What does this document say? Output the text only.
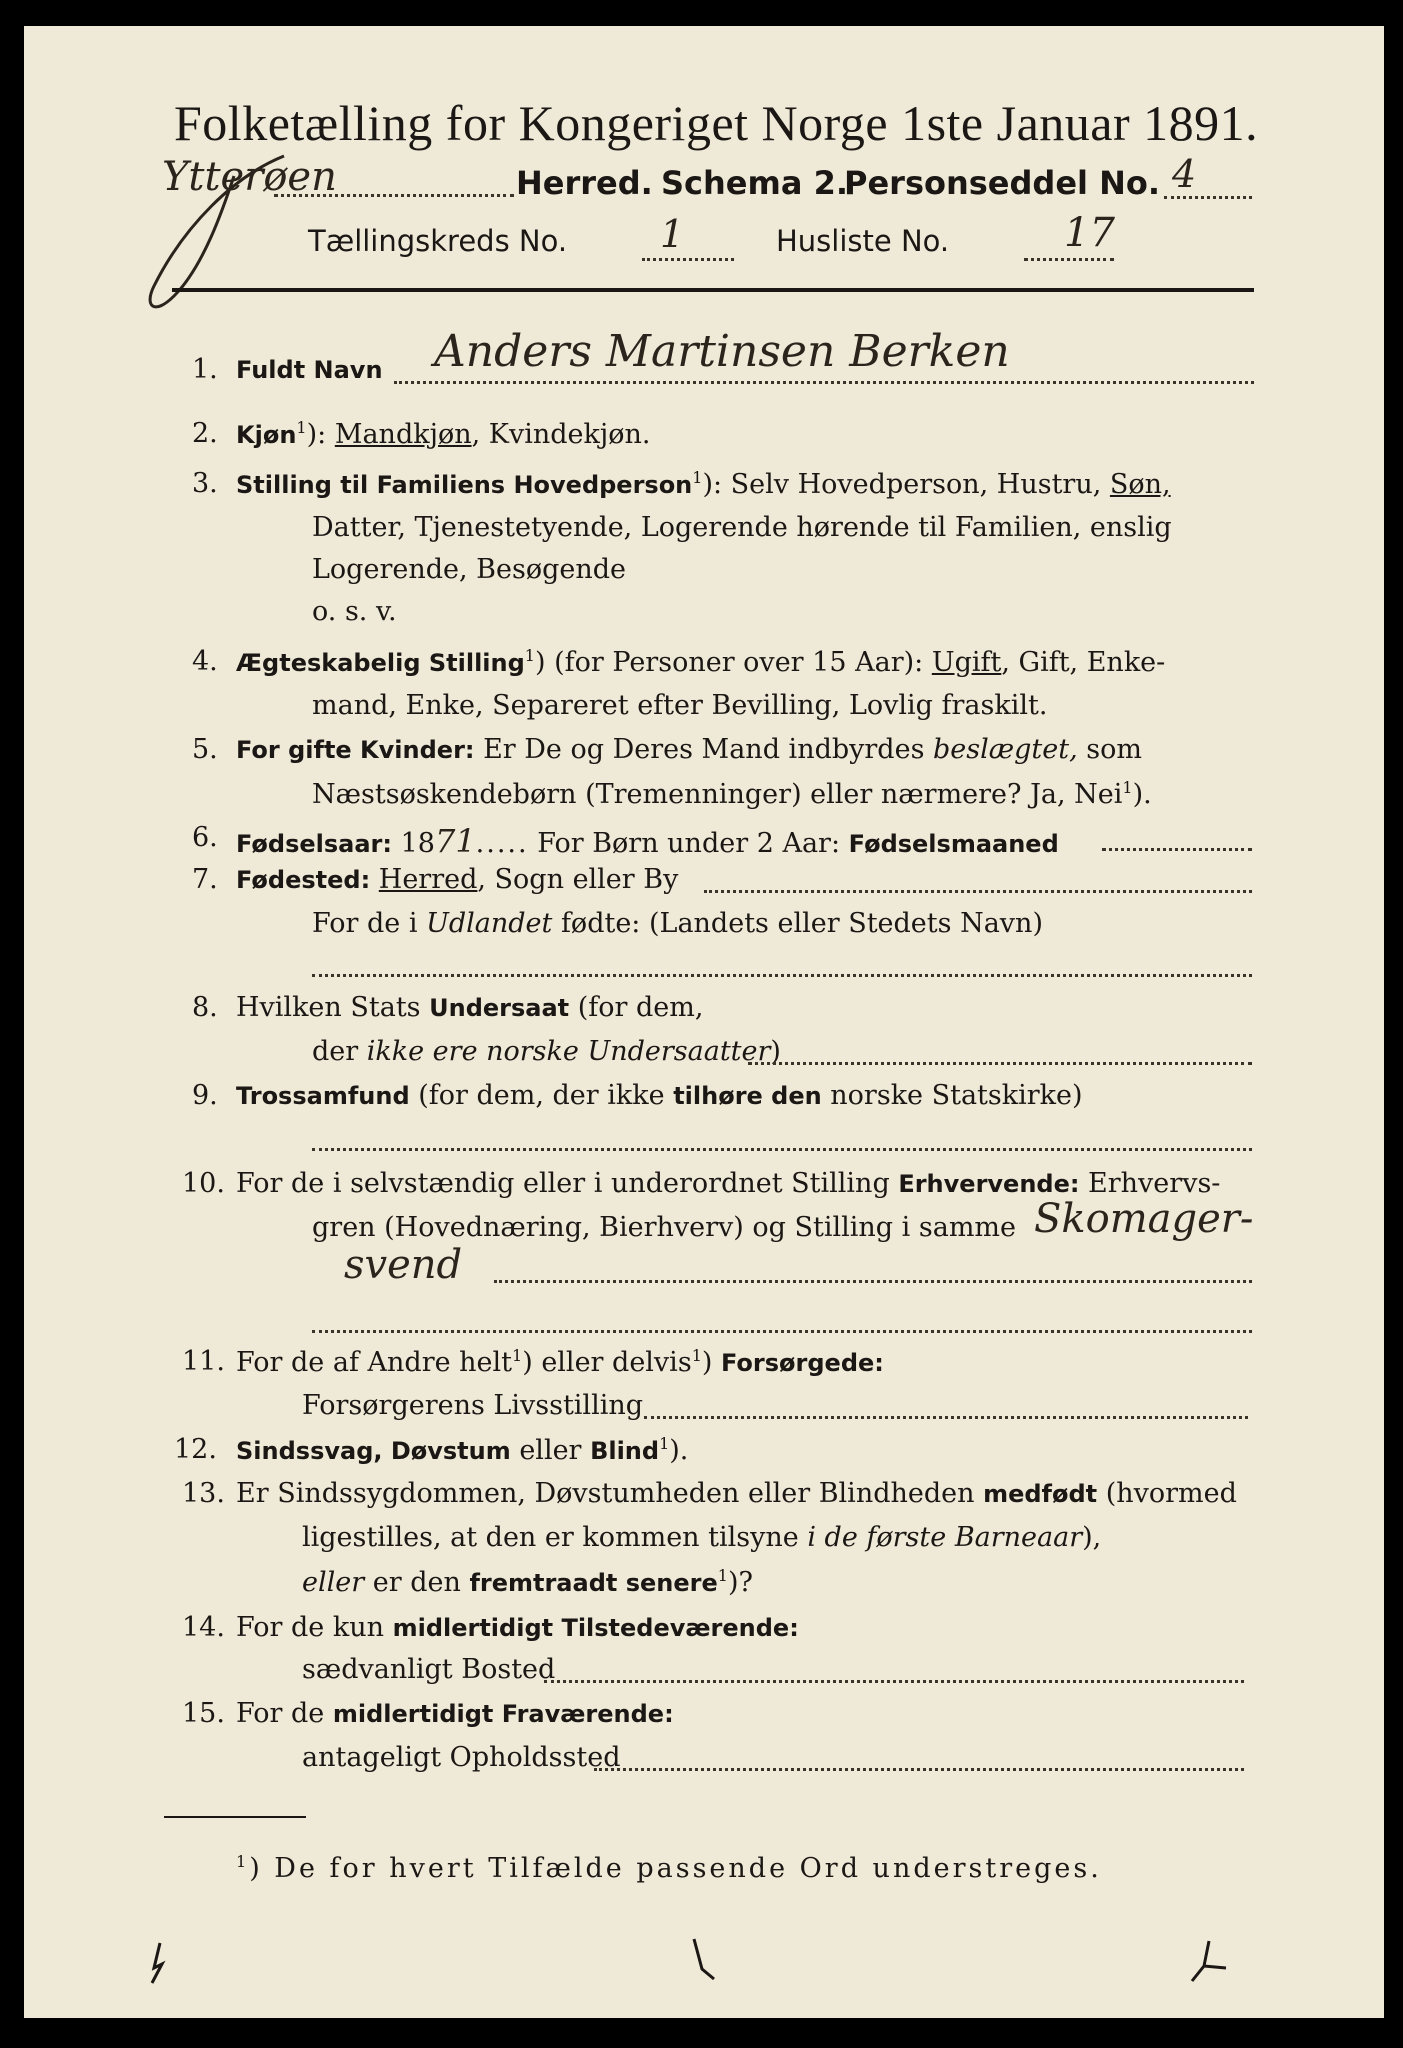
Folketælling for Kongeriget Norge 1ste Januar 1891.
Ytterøen	Herred. Schema 2.
Personseddel No. 4
Tællingskreds No. 1	Husliste No.	17
1. Fuldt Navn Anders Martinsen Berken
2. Kjøn$^1$): Mandkjøn, Kvindekjøn.
3. Stilling til Familiens Hovedperson$^1$): Selv Hovedperson, Hustru, Søn,
Datter, Tjenestetyende, Logerende hørende til Familien, enslig
Logerende, Besøgende
o. s. v.
4. Ægteskabelig Stilling$^1$) (for Personer over 15 Aar): Ugift, Gift, Enke-
mand, Enke, Separeret efter Bevilling, Lovlig fraskilt.
5. For gifte Kvinder: Er De og Deres Mand indbyrdes beslægtet, som
Næstsøskendebørn (Tremenninger) eller nærmere? Ja, Nei$^1$).
6. Fødselsaar: 1871..... For Børn under 2 Aar: Fødselsmaaned
7. Fødested: Herred, Sogn eller By
For de i Udlandet fødte: (Landets eller Stedets Navn)
8. Hvilken Stats Undersaat (for dem,
der ikke ere norske Undersaatter)
9. Trossamfund (for dem, der ikke tilhøre den norske Statskirke)
10. For de i selvstændig eller i underordnet Stilling Erhvervende: Erhvervs-
gren (Hovednæring, Bierhverv) og Stilling i samme Skomager-
svend
11. For de af Andre helt$^1$) eller delvis$^1$) Forsørgede:
Forsørgerens Livsstilling
12. Sindssvag, Døvstum eller Blind$^1$).
13. Er Sindssygdommen, Døvstumheden eller Blindheden medfødt (hvormed
ligestilles, at den er kommen tilsyne i de første Barneaar),
eller er den fremtraadt senere$^1$)?
14. For de kun midlertidigt Tilstedeværende:
sædvanligt Bosted
15. For de midlertidigt Fraværende:
antageligt Opholdssted
$^1$) De for hvert Tilfælde passende Ord understreges.
